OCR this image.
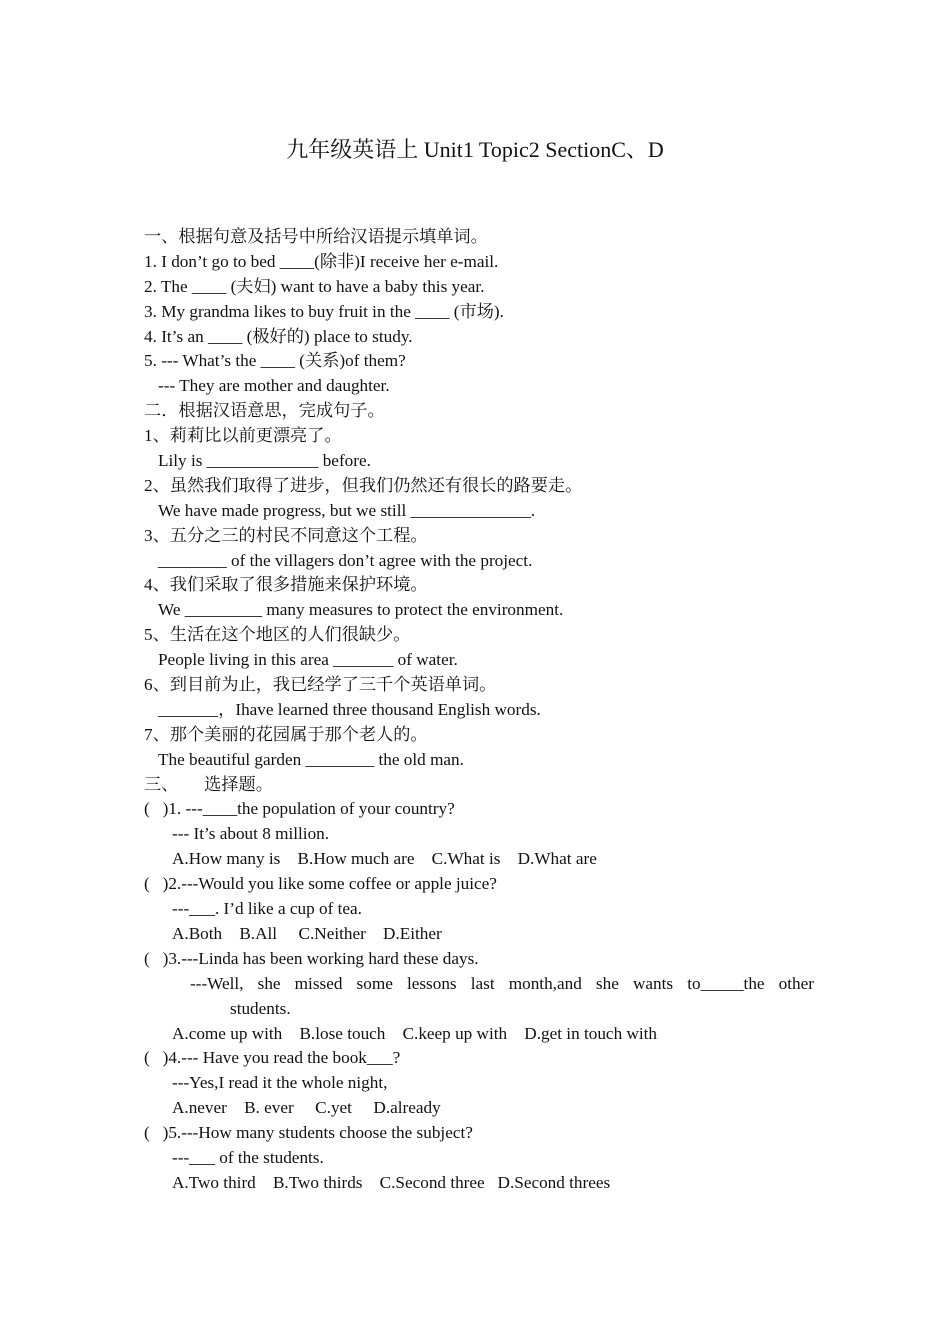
九年级英语上 Unit1 Topic2 SectionC、D
一、根据句意及括号中所给汉语提示填单词。
1. I don’t go to bed ____(除非)I receive her e-mail.
2. The ____ (夫妇) want to have a baby this year.
3. My grandma likes to buy fruit in the ____ (市场).
4. It’s an ____ (极好的) place to study.
5. --- What’s the ____ (关系)of them?
--- They are mother and daughter.
二．根据汉语意思，完成句子。
1、莉莉比以前更漂亮了。
Lily is _____________ before.
2、虽然我们取得了进步，但我们仍然还有很长的路要走。
We have made progress, but we still ______________.
3、五分之三的村民不同意这个工程。
________ of the villagers don’t agree with the project.
4、我们采取了很多措施来保护环境。
We _________ many measures to protect the environment.
5、生活在这个地区的人们很缺少。
People living in this area _______ of water.
6、到目前为止，我已经学了三千个英语单词。
_______，Ihave learned three thousand English words.
7、那个美丽的花园属于那个老人的。
The beautiful garden ________ the old man.
三、      选择题。
(   )1. ---____the population of your country?
--- It’s about 8 million.
A.How many is    B.How much are    C.What is    D.What are
(   )2.---Would you like some coffee or apple juice?
---___. I’d like a cup of tea.
A.Both    B.All     C.Neither    D.Either
(   )3.---Linda has been working hard these days.
---Well, she missed some lessons last month,and she wants to_____the other
students.
A.come up with    B.lose touch    C.keep up with    D.get in touch with
(   )4.--- Have you read the book___?
---Yes,I read it the whole night,
A.never    B. ever     C.yet     D.already
(   )5.---How many students choose the subject?
---___ of the students.
A.Two third    B.Two thirds    C.Second three   D.Second threes
